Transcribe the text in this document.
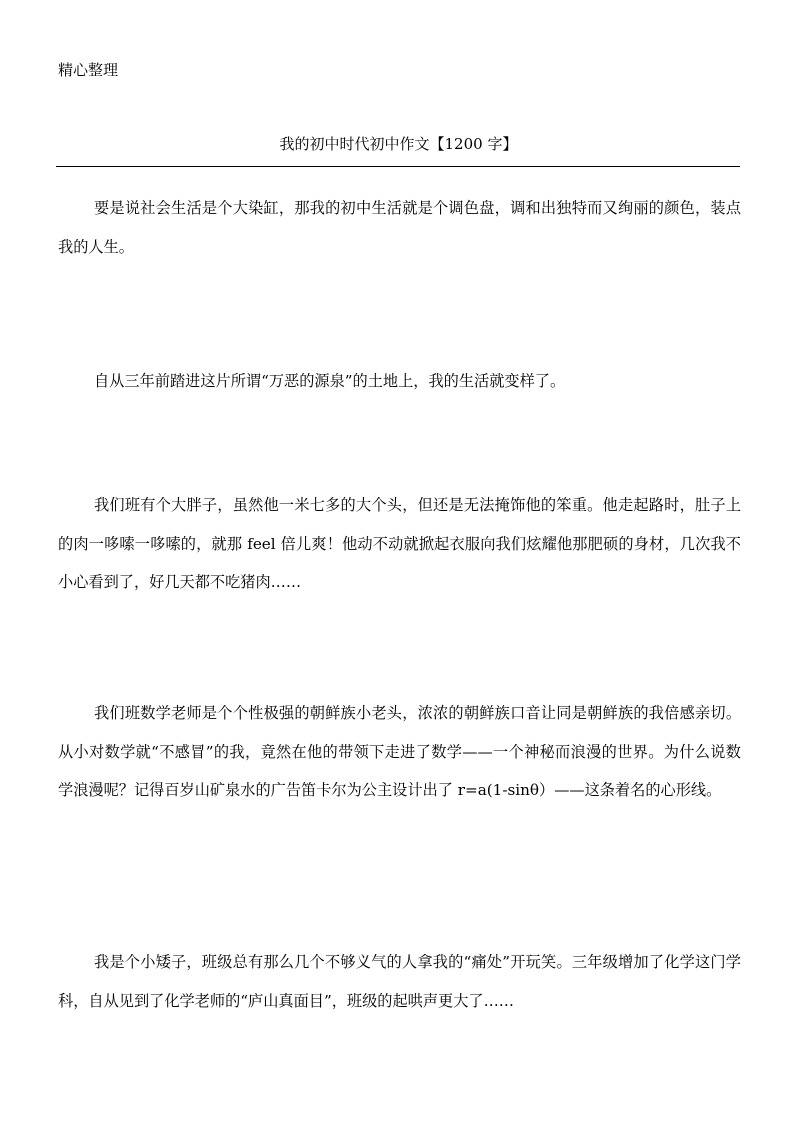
精心整理
我的初中时代初中作文【1200 字】

要是说社会生活是个大染缸，那我的初中生活就是个调色盘，调和出独特而又绚丽的颜色，装点我的人生。

自从三年前踏进这片所谓“万恶的源泉”的土地上，我的生活就变样了。

我们班有个大胖子，虽然他一米七多的大个头，但还是无法掩饰他的笨重。他走起路时，肚子上的肉一哆嗦一哆嗦的，就那 feel 倍儿爽！他动不动就掀起衣服向我们炫耀他那肥硕的身材，几次我不小心看到了，好几天都不吃猪肉……

我们班数学老师是个个性极强的朝鲜族小老头，浓浓的朝鲜族口音让同是朝鲜族的我倍感亲切。从小对数学就“不感冒”的我，竟然在他的带领下走进了数学——一个神秘而浪漫的世界。为什么说数学浪漫呢？记得百岁山矿泉水的广告笛卡尔为公主设计出了 r=a(1-sinθ）——这条着名的心形线。

我是个小矮子，班级总有那么几个不够义气的人拿我的“痛处”开玩笑。三年级增加了化学这门学科，自从见到了化学老师的“庐山真面目”，班级的起哄声更大了……
